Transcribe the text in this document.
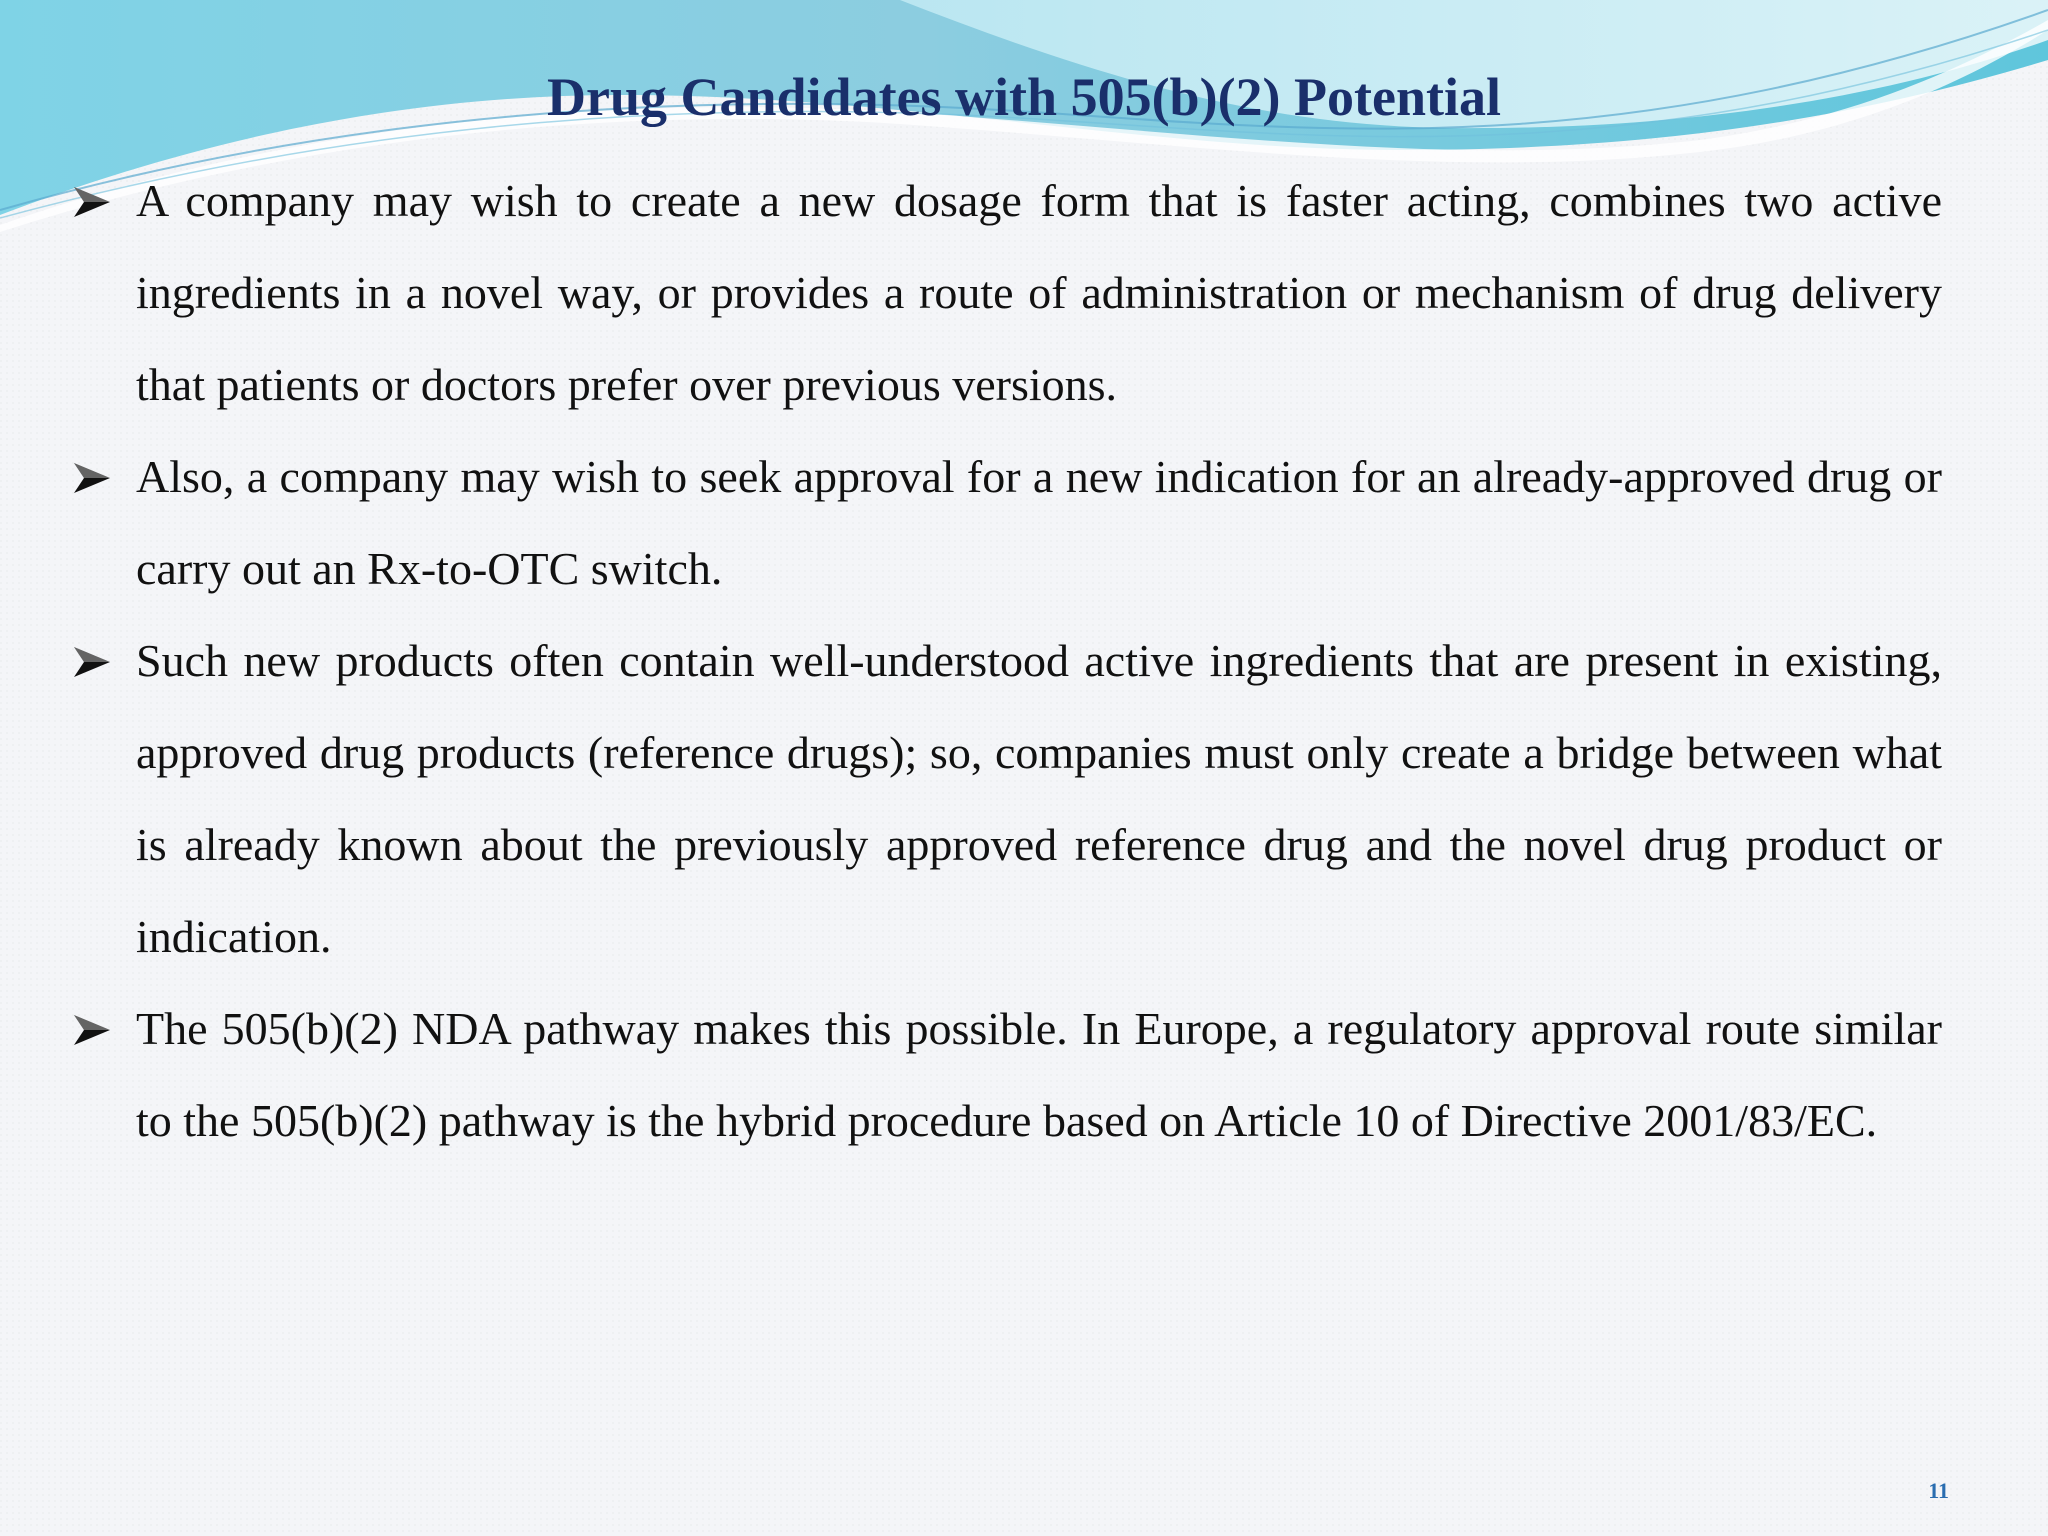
Drug Candidates with 505(b)(2) Potential

A company may wish to create a new dosage form that is faster acting, combines two active ingredients in a novel way, or provides a route of administration or mechanism of drug delivery that patients or doctors prefer over previous versions.

Also, a company may wish to seek approval for a new indication for an already-approved drug or carry out an Rx-to-OTC switch.

Such new products often contain well-understood active ingredients that are present in existing, approved drug products (reference drugs); so, companies must only create a bridge between what is already known about the previously approved reference drug and the novel drug product or indication.

The 505(b)(2) NDA pathway makes this possible. In Europe, a regulatory approval route similar to the 505(b)(2) pathway is the hybrid procedure based on Article 10 of Directive 2001/83/EC.

11
